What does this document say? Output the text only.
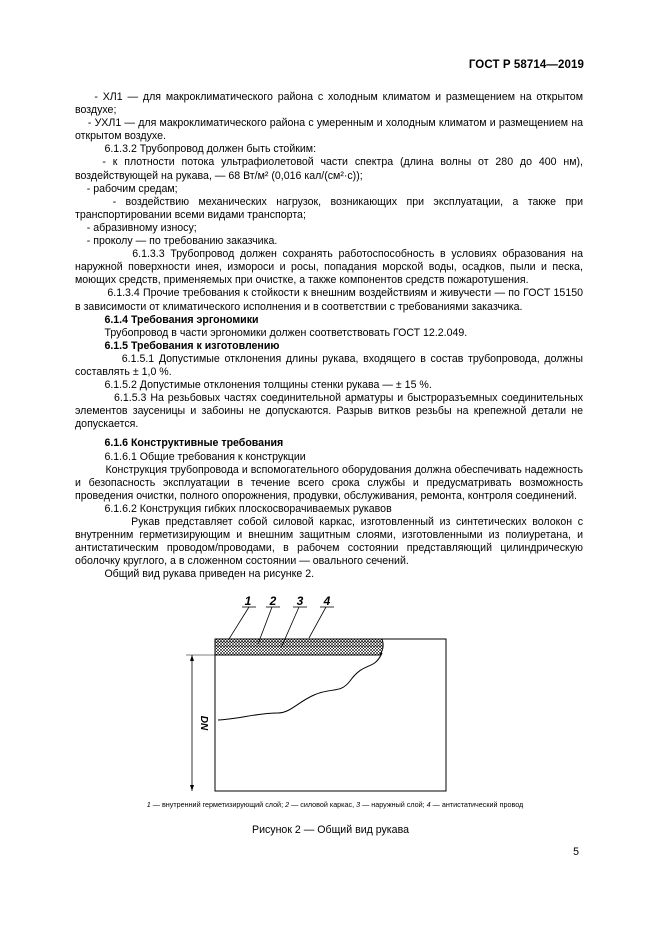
ГОСТ Р 58714—2019

- ХЛ1 — для макроклиматического района с холодным климатом и размещением на открытом воздухе;

- УХЛ1 — для макроклиматического района с умеренным и холодным климатом и размещением на открытом воздухе.

6.1.3.2 Трубопровод должен быть стойким:

- к плотности потока ультрафиолетовой части спектра (длина волны от 280 до 400 нм), воздействующей на рукава, — 68 Вт/м² (0,016 кал/(см²·с));

- рабочим средам;

- воздействию механических нагрузок, возникающих при эксплуатации, а также при транспортировании всеми видами транспорта;

- абразивному износу;

- проколу — по требованию заказчика.

6.1.3.3 Трубопровод должен сохранять работоспособность в условиях образования на наружной поверхности инея, измороси и росы, попадания морской воды, осадков, пыли и песка, моющих средств, применяемых при очистке, а также компонентов средств пожаротушения.

6.1.3.4 Прочие требования к стойкости к внешним воздействиям и живучести — по ГОСТ 15150 в зависимости от климатического исполнения и в соответствии с требованиями заказчика.

6.1.4 Требования эргономики

Трубопровод в части эргономики должен соответствовать ГОСТ 12.2.049.

6.1.5 Требования к изготовлению

6.1.5.1 Допустимые отклонения длины рукава, входящего в состав трубопровода, должны составлять ± 1,0 %.

6.1.5.2 Допустимые отклонения толщины стенки рукава — ± 15 %.

6.1.5.3 На резьбовых частях соединительной арматуры и быстроразъемных соединительных элементов заусеницы и забоины не допускаются. Разрыв витков резьбы на крепежной детали не допускается.

6.1.6 Конструктивные требования

6.1.6.1 Общие требования к конструкции

Конструкция трубопровода и вспомогательного оборудования должна обеспечивать надежность и безопасность эксплуатации в течение всего срока службы и предусматривать возможность проведения очистки, полного опорожнения, продувки, обслуживания, ремонта, контроля соединений.

6.1.6.2 Конструкция гибких плоскосворачиваемых рукавов

Рукав представляет собой силовой каркас, изготовленный из синтетических волокон с внутренним герметизирующим и внешним защитным слоями, изготовленными из полиуретана, и антистатическим проводом/проводами, в рабочем состоянии представляющий цилиндрическую оболочку круглого, а в сложенном состоянии — овального сечений.

Общий вид рукава приведен на рисунке 2.

DN
1 2 3 4
1 — внутренний герметизирующий слой; 2 — силовой каркас, 3 — наружный слой; 4 — антистатический провод
Рисунок 2 — Общий вид рукава
5
